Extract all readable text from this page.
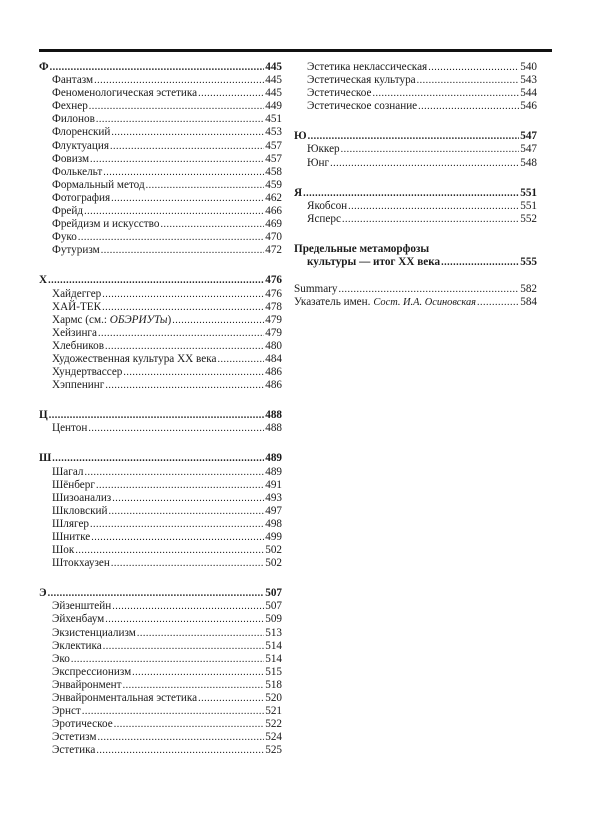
Ф .....	445
Фантазм .....	445
Феноменологическая эстетика .....	445
Фехнер .....	449
Филонов .....	451
Флоренский .....	453
Флуктуация .....	457
Фовизм .....	457
Фолькельт .....	458
Формальный метод .....	459
Фотография .....	462
Фрейд .....	466
Фрейдизм и искусство .....	469
Фуко .....	470
Футуризм .....	472
Х .....	476
Хайдеггер .....	476
ХАЙ-ТЕК .....	478
Хармс (см.: ОБЭРИУТы) .....	479
Хейзинга .....	479
Хлебников .....	480
Художественная культура XX века .....	484
Хундертвассер .....	486
Хэппенинг .....	486
Ц .....	488
Центон .....	488
Ш .....	489
Шагал .....	489
Шёнберг .....	491
Шизоанализ .....	493
Шкловский .....	497
Шлягер .....	498
Шнитке .....	499
Шок .....	502
Штокхаузен .....	502
Э .....	507
Эйзенштейн .....	507
Эйхенбаум .....	509
Экзистенциализм .....	513
Эклектика .....	514
Эко .....	514
Экспрессионизм .....	515
Энвайронмент .....	518
Энвайронментальная эстетика .....	520
Эрнст .....	521
Эротическое .....	522
Эстетизм .....	524
Эстетика .....	525
Эстетика неклассическая .....	540
Эстетическая культура .....	543
Эстетическое .....	544
Эстетическое сознание .....	546
Ю .....	547
Юккер .....	547
Юнг .....	548
Я .....	551
Якобсон .....	551
Ясперс .....	552
Предельные метаморфозы
культуры — итог XX века .....	555
Summary .....	582
Указатель имен. Сост. И.А. Осиновская .....	584
